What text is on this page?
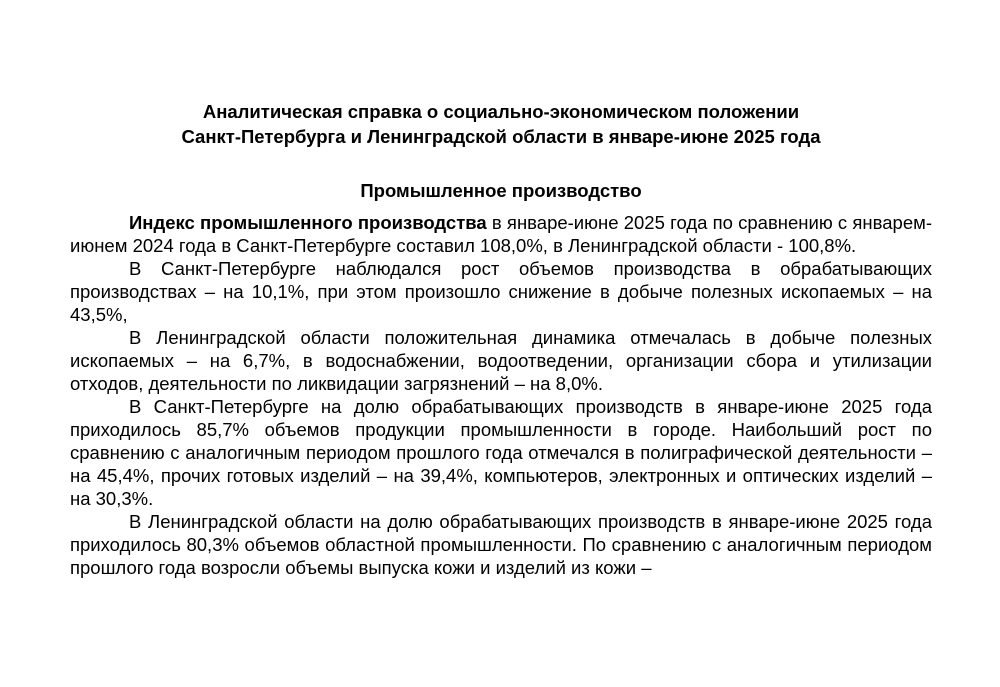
Аналитическая справка о социально-экономическом положении

Санкт-Петербурга и Ленинградской области в январе-июне 2025 года

Промышленное производство

Индекс промышленного производства в январе-июне 2025 года по сравнению с январем-июнем 2024 года в Санкт-Петербурге составил 108,0%, в Ленинградской области - 100,8%.

В Санкт-Петербурге наблюдался рост объемов производства в обрабатывающих производствах – на 10,1%, при этом произошло снижение в добыче полезных ископаемых – на 43,5%,

В Ленинградской области положительная динамика отмечалась в добыче полезных ископаемых – на 6,7%, в водоснабжении, водоотведении, организации сбора и утилизации отходов, деятельности по ликвидации загрязнений – на 8,0%.

В Санкт-Петербурге на долю обрабатывающих производств в январе-июне 2025 года приходилось 85,7% объемов продукции промышленности в городе. Наибольший рост по сравнению с аналогичным периодом прошлого года отмечался в полиграфической деятельности – на 45,4%, прочих готовых изделий – на 39,4%, компьютеров, электронных и оптических изделий – на 30,3%.

В Ленинградской области на долю обрабатывающих производств в январе-июне 2025 года приходилось 80,3% объемов областной промышленности. По сравнению с аналогичным периодом прошлого года возросли объемы выпуска кожи и изделий из кожи –
